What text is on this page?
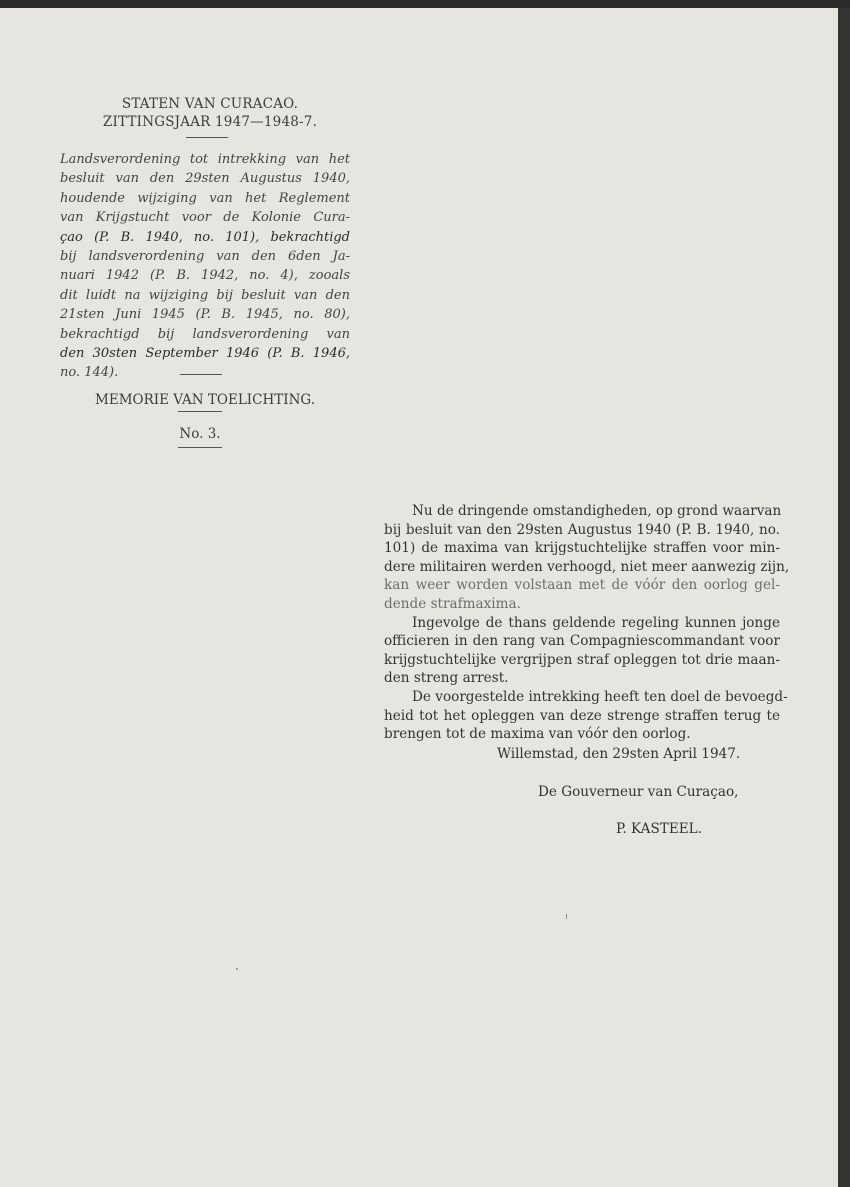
STATEN VAN CURACAO.
ZITTINGSJAAR 1947—1948-7.
Landsverordening tot intrekking van het
besluit van den 29sten Augustus 1940,
houdende wijziging van het Reglement
van Krijgstucht voor de Kolonie Cura-
çao (P. B. 1940, no. 101), bekrachtigd
bij landsverordening van den 6den Ja-
nuari 1942 (P. B. 1942, no. 4), zooals
dit luidt na wijziging bij besluit van den
21sten Juni 1945 (P. B. 1945, no. 80),
bekrachtigd bij landsverordening van
den 30sten September 1946 (P. B. 1946,
no. 144).
MEMORIE VAN TOELICHTING.
No. 3.
Nu de dringende omstandigheden, op grond waarvan
bij besluit van den 29sten Augustus 1940 (P. B. 1940, no.
101) de maxima van krijgstuchtelijke straffen voor min-
dere militairen werden verhoogd, niet meer aanwezig zijn,
kan weer worden volstaan met de vóór den oorlog gel-
dende strafmaxima.
Ingevolge de thans geldende regeling kunnen jonge
officieren in den rang van Compagniescommandant voor
krijgstuchtelijke vergrijpen straf opleggen tot drie maan-
den streng arrest.
De voorgestelde intrekking heeft ten doel de bevoegd-
heid tot het opleggen van deze strenge straffen terug te
brengen tot de maxima van vóór den oorlog.
Willemstad, den 29sten April 1947.
De Gouverneur van Curaçao,
P. KASTEEL.
